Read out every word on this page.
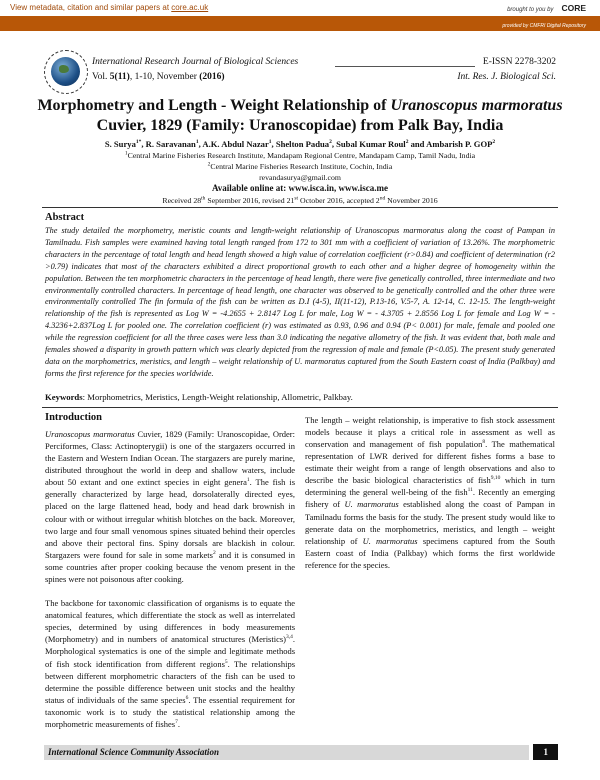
View metadata, citation and similar papers at core.ac.uk	brought to you by CORE
provided by CMFRI Digital Repository
International Research Journal of Biological Sciences	E-ISSN 2278-3202
Vol. 5(11), 1-10, November (2016)	Int. Res. J. Biological Sci.
Morphometry and Length - Weight Relationship of Uranoscopus marmoratus
Cuvier, 1829 (Family: Uranoscopidae) from Palk Bay, India
S. Surya$^{1*}$, R. Saravanan$^1$, A.K. Abdul Nazar$^1$, Shelton Padua$^2$, Subal Kumar Roul$^2$ and Ambarish P. GOP$^2$
$^1$Central Marine Fisheries Research Institute, Mandapam Regional Centre, Mandapam Camp, Tamil Nadu, India
$^2$Central Marine Fisheries Research Institute, Cochin, India
revandasurya@gmail.com
Available online at: www.isca.in, www.isca.me
Received 28th September 2016, revised 21st October 2016, accepted 2nd November 2016
Abstract

The study detailed the morphometry, meristic counts and length-weight relationship of Uranoscopus marmoratus along the coast of Pampan in Tamilnadu. Fish samples were examined having total length ranged from 172 to 301 mm with a coefficient of variation of 13.26%. The morphometric characters in the percentage of total length and head length showed a high value of correlation coefficient (r>0.84) and coefficient of determination (r2 >0.79) indicates that most of the characters exhibited a direct proportional growth to each other and a higher degree of homogeneity within the population. Between the ten morphometric characters in the percentage of head length, there were five genetically controlled, three intermediate and two environmentally controlled characters. In percentage of head length, one character was observed to be genetically controlled and the other three were environmentally controlled The fin formula of the fish can be written as D.I (4-5), II(11-12), P.13-16, V.5-7, A. 12-14, C. 12-15. The length-weight relationship of the fish is represented as Log W = -4.2655 + 2.8147 Log L for male, Log W = - 4.3705 + 2.8556 Log L for female and Log W = - 4.3236+2.837Log L for pooled one. The correlation coefficient (r) was estimated as 0.93, 0.96 and 0.94 (P< 0.001) for male, female and pooled one while the regression coefficient for all the three cases were less than 3.0 indicating the negative allometry of the fish. It was evident that, both male and females showed a disparity in growth pattern which was clearly depicted from the regression of male and female (P<0.05). The present study generated data on the morphometrics, meristics, and length – weight relationship of U. marmoratus captured from the South Eastern coast of India (Palkbay) and forms the first reference for the species worldwide.

Keywords: Morphometrics, Meristics, Length-Weight relationship, Allometric, Palkbay.
Introduction

Uranoscopus marmoratus Cuvier, 1829 (Family: Uranoscopidae, Order: Perciformes, Class: Actinopterygii) is one of the stargazers occurred in the Eastern and Western Indian Ocean. The stargazers are purely marine, distributed throughout the world in deep and shallow waters, include about 50 extant and one extinct species in eight genera$^1$. The fish is generally characterized by large head, dorsolaterally directed eyes, placed on the large flattened head, body and head dark brownish in colour with or without irregular whitish blotches on the back. Moreover, two large and four small venomous spines situated behind their opercles and above their pectoral fins. Spiny dorsals are blackish in colour. Stargazers were found for sale in some markets$^2$ and it is consumed in some countries after proper cooking because the venom present in the spines were not poisonous after cooking.

The backbone for taxonomic classification of organisms is to equate the anatomical features, which differentiate the stock as well as interrelated species, determined by using differences in body measurements (Morphometry) and in numbers of anatomical structures (Meristics)$^{3,4}$. Morphological systematics is one of the simple and legitimate methods of fish stock identification from different regions$^5$. The relationships between different morphometric characters of the fish can be used to determine the possible difference between unit stocks and the healthy status of individuals of the same species$^6$. The essential requirement for taxonomic work is to study the statistical relationship among the morphometric measurements of fishes$^7$.

The length – weight relationship, is imperative to fish stock assessment models because it plays a critical role in assessment as well as conservation and management of fish population$^8$. The mathematical representation of LWR derived for different fishes forms a base to estimate their weight from a range of length observations and also to describe the basic biological characteristics of fish$^{9,10}$ which in turn determining the general well-being of the fish$^{11}$. Recently an emerging fishery of U. marmoratus established along the coast of Pampan in Tamilnadu forms the basis for the study. The present study would like to generate data on the morphometrics, meristics, and length – weight relationship of U. marmoratus specimens captured from the South Eastern coast of India (Palkbay) which forms the first worldwide reference for the species.

International Science Community Association	1
